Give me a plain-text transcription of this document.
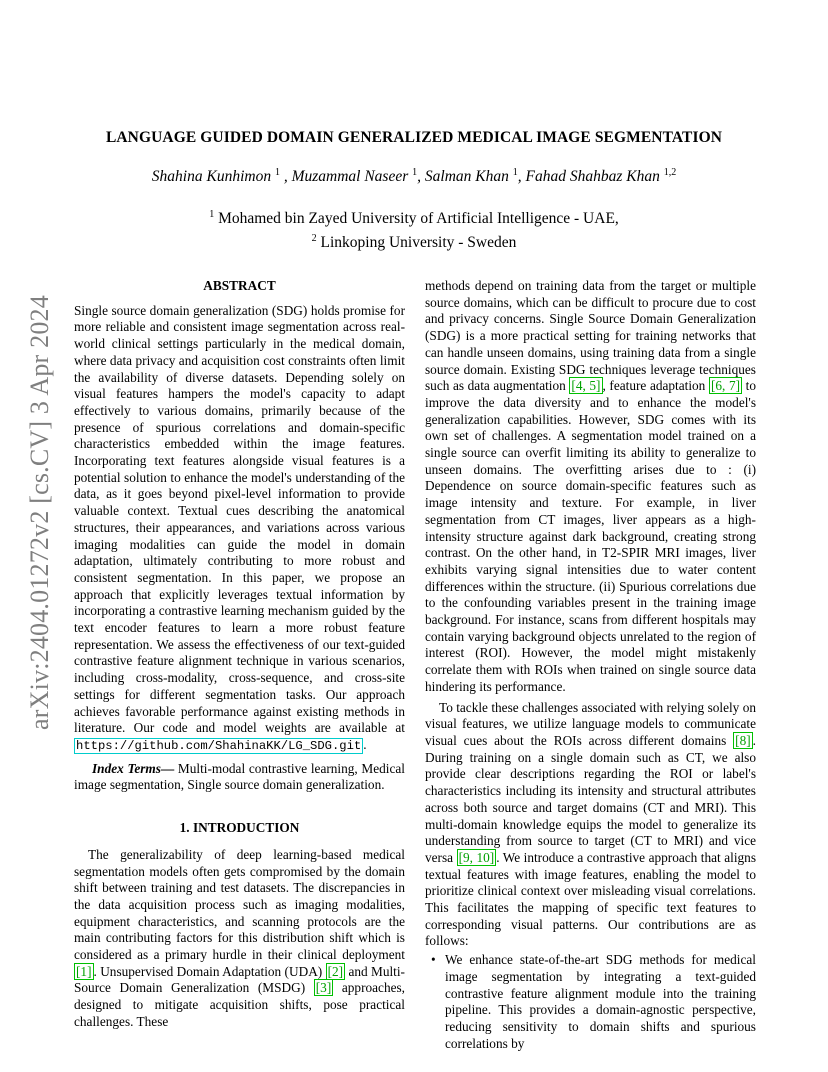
arXiv:2404.01272v2 [cs.CV] 3 Apr 2024
LANGUAGE GUIDED DOMAIN GENERALIZED MEDICAL IMAGE SEGMENTATION
Shahina Kunhimon $^1$ , Muzammal Naseer $^1$, Salman Khan $^1$, Fahad Shahbaz Khan $^{1,2}$
$^1$ Mohamed bin Zayed University of Artificial Intelligence - UAE,
$^2$ Linkoping University - Sweden
ABSTRACT

Single source domain generalization (SDG) holds promise for more reliable and consistent image segmentation across real-world clinical settings particularly in the medical domain, where data privacy and acquisition cost constraints often limit the availability of diverse datasets. Depending solely on visual features hampers the model's capacity to adapt effectively to various domains, primarily because of the presence of spurious correlations and domain-specific characteristics embedded within the image features. Incorporating text features alongside visual features is a potential solution to enhance the model's understanding of the data, as it goes beyond pixel-level information to provide valuable context. Textual cues describing the anatomical structures, their appearances, and variations across various imaging modalities can guide the model in domain adaptation, ultimately contributing to more robust and consistent segmentation. In this paper, we propose an approach that explicitly leverages textual information by incorporating a contrastive learning mechanism guided by the text encoder features to learn a more robust feature representation. We assess the effectiveness of our text-guided contrastive feature alignment technique in various scenarios, including cross-modality, cross-sequence, and cross-site settings for different segmentation tasks. Our approach achieves favorable performance against existing methods in literature. Our code and model weights are available at https://github.com/ShahinaKK/LG_SDG.git .

Index Terms— Multi-modal contrastive learning, Medical image segmentation, Single source domain generalization.

1. INTRODUCTION

The generalizability of deep learning-based medical segmentation models often gets compromised by the domain shift between training and test datasets. The discrepancies in the data acquisition process such as imaging modalities, equipment characteristics, and scanning protocols are the main contributing factors for this distribution shift which is considered as a primary hurdle in their clinical deployment [1] . Unsupervised Domain Adaptation (UDA) [2] and Multi-Source Domain Generalization (MSDG) [3] approaches, designed to mitigate acquisition shifts, pose practical challenges. These

methods depend on training data from the target or multiple source domains, which can be difficult to procure due to cost and privacy concerns. Single Source Domain Generalization (SDG) is a more practical setting for training networks that can handle unseen domains, using training data from a single source domain. Existing SDG techniques leverage techniques such as data augmentation [4, 5] , feature adaptation [6, 7] to improve the data diversity and to enhance the model's generalization capabilities. However, SDG comes with its own set of challenges. A segmentation model trained on a single source can overfit limiting its ability to generalize to unseen domains. The overfitting arises due to : (i) Dependence on source domain-specific features such as image intensity and texture. For example, in liver segmentation from CT images, liver appears as a high-intensity structure against dark background, creating strong contrast. On the other hand, in T2-SPIR MRI images, liver exhibits varying signal intensities due to water content differences within the structure. (ii) Spurious correlations due to the confounding variables present in the training image background. For instance, scans from different hospitals may contain varying background objects unrelated to the region of interest (ROI). However, the model might mistakenly correlate them with ROIs when trained on single source data hindering its performance.

To tackle these challenges associated with relying solely on visual features, we utilize language models to communicate visual cues about the ROIs across different domains [8] . During training on a single domain such as CT, we also provide clear descriptions regarding the ROI or label's characteristics including its intensity and structural attributes across both source and target domains (CT and MRI). This multi-domain knowledge equips the model to generalize its understanding from source to target (CT to MRI) and vice versa [9, 10] . We introduce a contrastive approach that aligns textual features with image features, enabling the model to prioritize clinical context over misleading visual correlations. This facilitates the mapping of specific text features to corresponding visual patterns. Our contributions are as follows:

• We enhance state-of-the-art SDG methods for medical image segmentation by integrating a text-guided contrastive feature alignment module into the training pipeline. This provides a domain-agnostic perspective, reducing sensitivity to domain shifts and spurious correlations by
